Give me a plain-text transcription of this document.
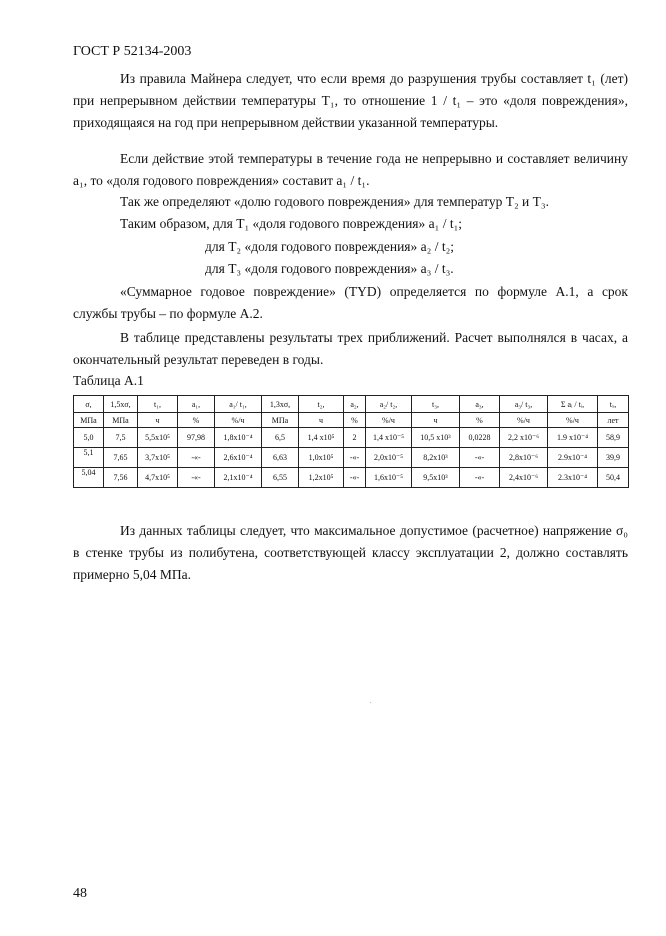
ГОСТ Р 52134-2003
Из правила Майнера следует, что если время до разрушения трубы составляет t₁ (лет) при непрерывном действии температуры T₁, то отношение 1 / t₁ – это «доля повреждения», приходящаяся на год при непрерывном действии указанной температуры.
Если действие этой температуры в течение года не непрерывно и составляет величину a₁, то «доля годового повреждения» составит a₁ / t₁.
Так же определяют «долю годового повреждения» для температур T₂ и T₃.
Таким образом, для T₁ «доля годового повреждения» a₁ / t₁;
для T₂ «доля годового повреждения» a₂ / t₂;
для T₃ «доля годового повреждения» a₃ / t₃.
«Суммарное годовое повреждение» (TYD) определяется по формуле А.1, а срок службы трубы – по формуле А.2.
В таблице представлены результаты трех приближений. Расчет выполнялся в часах, а окончательный результат переведен в годы.
Таблица А.1
σ,	1,5xσ,	t₁,	a₁,	a₁/ t₁,	1,3xσ,	t₂,	a₂,	a₂/ t₂,	t₃,	a₃,	a₃/ t₃,	Σ aᵢ / tᵢ,	tₓ,
МПа	МПа	ч	%	%/ч	МПа	ч	%	%/ч	ч	%	%/ч	%/ч	лет
5,0	7,5	5,5x10⁵	97,98	1,8x10⁻⁴	6,5	1,4 x10⁵	2	1,4 x10⁻⁵	10,5 x10³	0,0228	2,2 x10⁻⁶	1.9 x10⁻⁴	58,9
5,1	7,65	3,7x10⁵	-«-	2,6x10⁻⁴	6,63	1,0x10⁵	-«-	2,0x10⁻⁵	8,2x10³	-«-	2,8x10⁻⁶	2.9x10⁻⁴	39,9
5,04	7,56	4,7x10⁵	-«-	2,1x10⁻⁴	6,55	1,2x10⁵	-«-	1,6x10⁻⁵	9,5x10³	-«-	2,4x10⁻⁶	2.3x10⁻⁴	50,4
Из данных таблицы следует, что максимальное допустимое (расчетное) напряжение σ₀ в стенке трубы из полибутена, соответствующей классу эксплуатации 2, должно составлять примерно 5,04 МПа.
48
